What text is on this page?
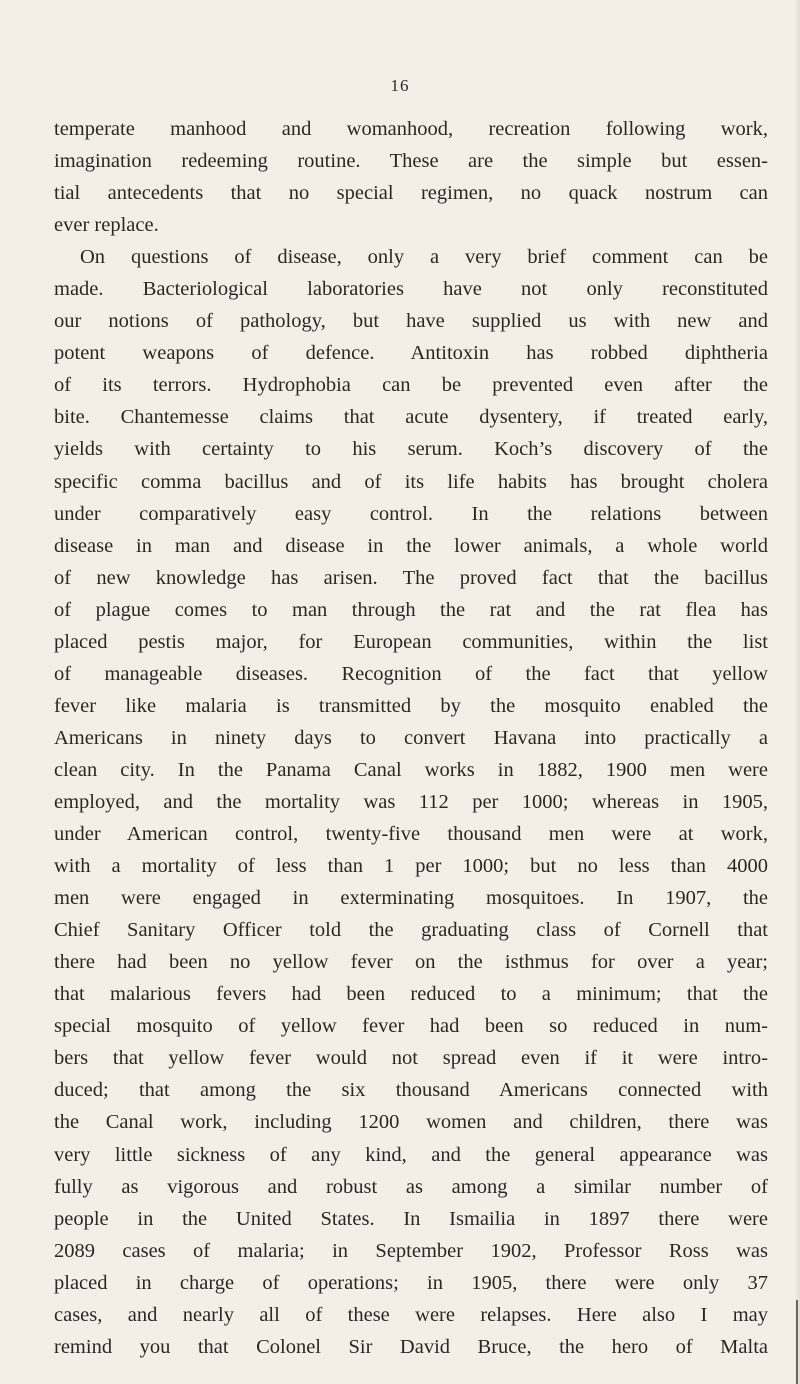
16
temperate manhood and womanhood, recreation following work,
imagination redeeming routine. These are the simple but essen-
tial antecedents that no special regimen, no quack nostrum can
ever replace.
On questions of disease, only a very brief comment can be
made. Bacteriological laboratories have not only reconstituted
our notions of pathology, but have supplied us with new and
potent weapons of defence. Antitoxin has robbed diphtheria
of its terrors. Hydrophobia can be prevented even after the
bite. Chantemesse claims that acute dysentery, if treated early,
yields with certainty to his serum. Koch’s discovery of the
specific comma bacillus and of its life habits has brought cholera
under comparatively easy control. In the relations between
disease in man and disease in the lower animals, a whole world
of new knowledge has arisen. The proved fact that the bacillus
of plague comes to man through the rat and the rat flea has
placed pestis major, for European communities, within the list
of manageable diseases. Recognition of the fact that yellow
fever like malaria is transmitted by the mosquito enabled the
Americans in ninety days to convert Havana into practically a
clean city. In the Panama Canal works in 1882, 1900 men were
employed, and the mortality was 112 per 1000; whereas in 1905,
under American control, twenty-five thousand men were at work,
with a mortality of less than 1 per 1000; but no less than 4000
men were engaged in exterminating mosquitoes. In 1907, the
Chief Sanitary Officer told the graduating class of Cornell that
there had been no yellow fever on the isthmus for over a year;
that malarious fevers had been reduced to a minimum; that the
special mosquito of yellow fever had been so reduced in num-
bers that yellow fever would not spread even if it were intro-
duced; that among the six thousand Americans connected with
the Canal work, including 1200 women and children, there was
very little sickness of any kind, and the general appearance was
fully as vigorous and robust as among a similar number of
people in the United States. In Ismailia in 1897 there were
2089 cases of malaria; in September 1902, Professor Ross was
placed in charge of operations; in 1905, there were only 37
cases, and nearly all of these were relapses. Here also I may
remind you that Colonel Sir David Bruce, the hero of Malta
